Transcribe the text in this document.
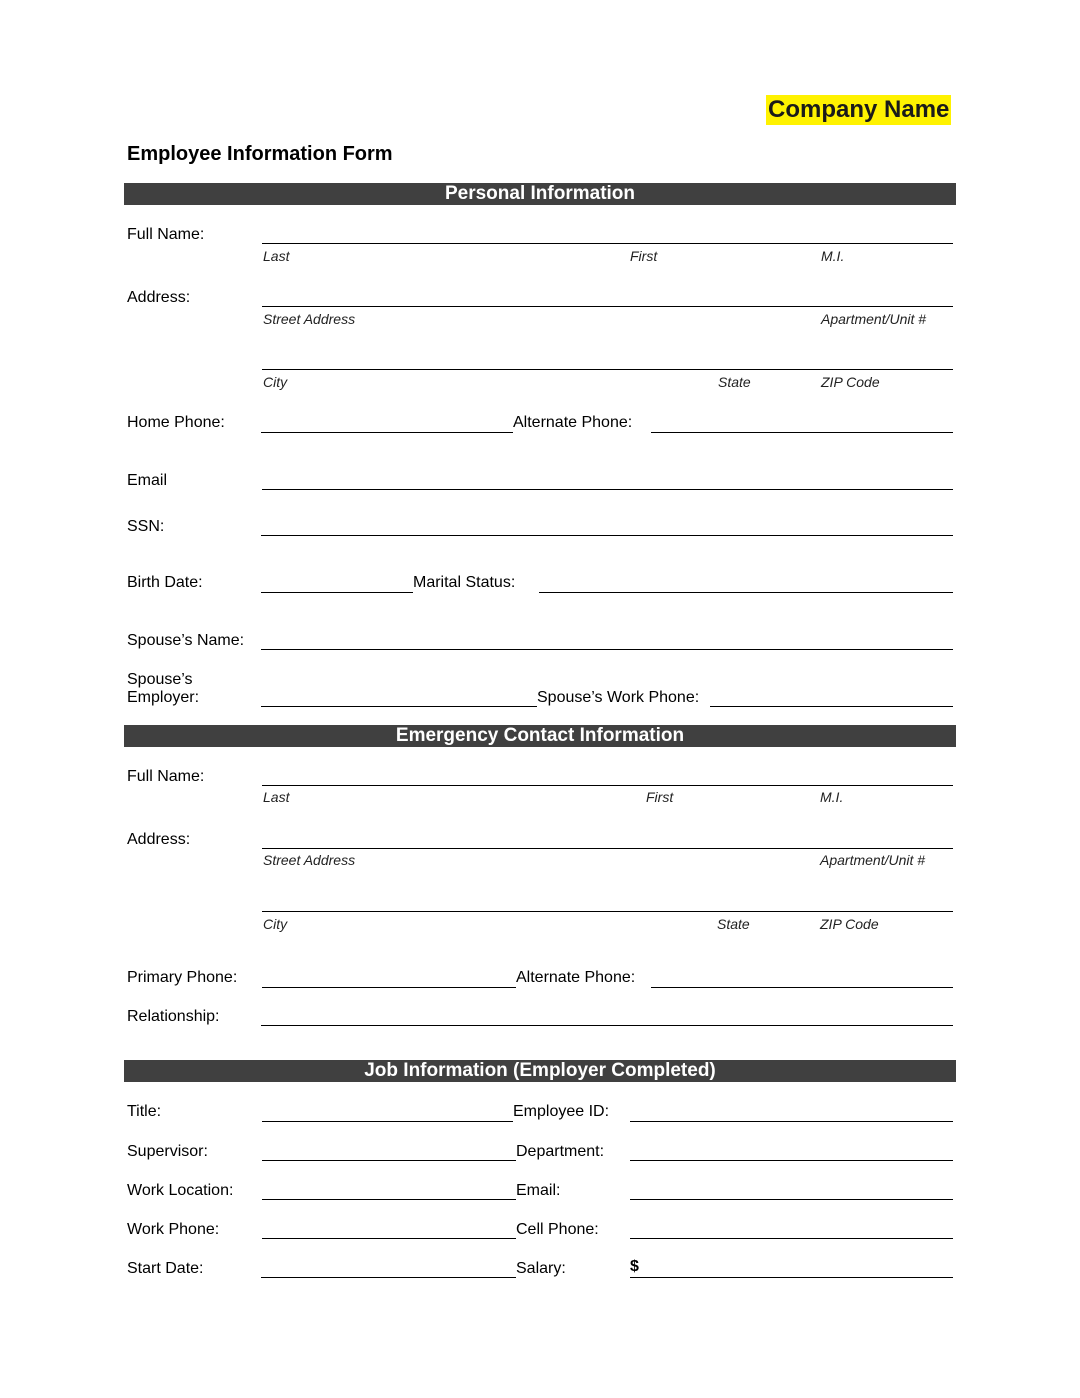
Company Name
Employee Information Form
Personal Information
Full Name:
Last	First	M.I.
Address:
Street Address	Apartment/Unit #
City	State	ZIP Code
Home Phone:	Alternate Phone:
Email
SSN:
Birth Date:	Marital Status:
Spouse’s Name:
Spouse’s
Employer:	Spouse’s Work Phone:
Emergency Contact Information
Full Name:
Last	First	M.I.
Address:
Street Address	Apartment/Unit #
City	State	ZIP Code
Primary Phone:	Alternate Phone:
Relationship:
Job Information (Employer Completed)
Title:	Employee ID:
Supervisor:	Department:
Work Location:	Email:
Work Phone:	Cell Phone:
Start Date:	Salary:	$
